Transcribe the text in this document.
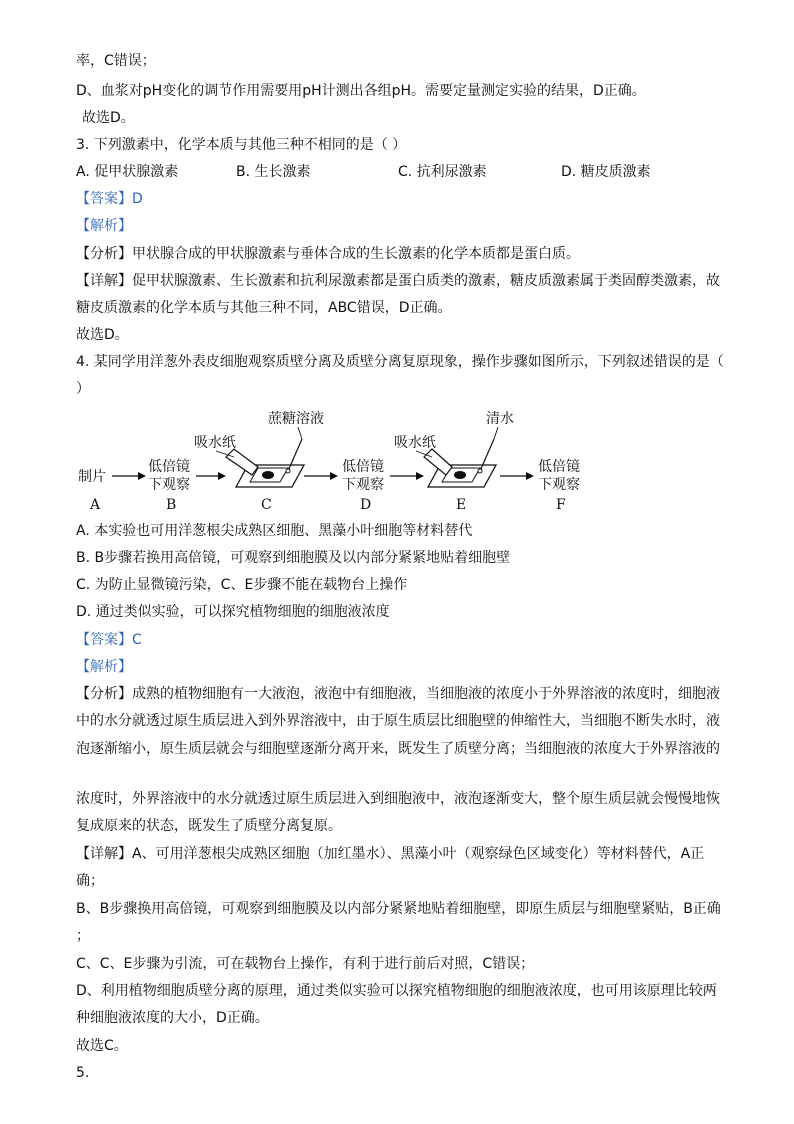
率，C错误；
D、血浆对pH变化的调节作用需要用pH计测出各组pH。需要定量测定实验的结果，D正确。
故选D。
3. 下列激素中，化学本质与其他三种不相同的是（ ）
A. 促甲状腺激素	B. 生长激素	C. 抗利尿激素	D. 糖皮质激素
【答案】D
【解析】
【分析】甲状腺合成的甲状腺激素与垂体合成的生长激素的化学本质都是蛋白质。
【详解】促甲状腺激素、生长激素和抗利尿激素都是蛋白质类的激素，糖皮质激素属于类固醇类激素，故
糖皮质激素的化学本质与其他三种不同，ABC错误，D正确。
故选D。
4. 某同学用洋葱外表皮细胞观察质壁分离及质壁分离复原现象，操作步骤如图所示，下列叙述错误的是（
）
制片
低倍镜
下观察
吸水纸
蔗糖溶液
低倍镜
下观察
吸水纸
清水
低倍镜
下观察
A	B	C	D	E	F
A. 本实验也可用洋葱根尖成熟区细胞、黑藻小叶细胞等材料替代
B. B步骤若换用高倍镜，可观察到细胞膜及以内部分紧紧地贴着细胞壁
C. 为防止显微镜污染，C、E步骤不能在载物台上操作
D. 通过类似实验，可以探究植物细胞的细胞液浓度
【答案】C
【解析】
【分析】成熟的植物细胞有一大液泡，液泡中有细胞液，当细胞液的浓度小于外界溶液的浓度时，细胞液
中的水分就透过原生质层进入到外界溶液中，由于原生质层比细胞壁的伸缩性大，当细胞不断失水时，液
泡逐渐缩小，原生质层就会与细胞壁逐渐分离开来，既发生了质壁分离；当细胞液的浓度大于外界溶液的
浓度时，外界溶液中的水分就透过原生质层进入到细胞液中，液泡逐渐变大，整个原生质层就会慢慢地恢
复成原来的状态，既发生了质壁分离复原。
【详解】A、可用洋葱根尖成熟区细胞（加红墨水）、黑藻小叶（观察绿色区域变化）等材料替代，A正
确；
B、B步骤换用高倍镜，可观察到细胞膜及以内部分紧紧地贴着细胞壁，即原生质层与细胞壁紧贴，B正确
；
C、C、E步骤为引流，可在载物台上操作，有利于进行前后对照，C错误；
D、利用植物细胞质壁分离的原理，通过类似实验可以探究植物细胞的细胞液浓度，也可用该原理比较两
种细胞液浓度的大小，D正确。
故选C。
5.
